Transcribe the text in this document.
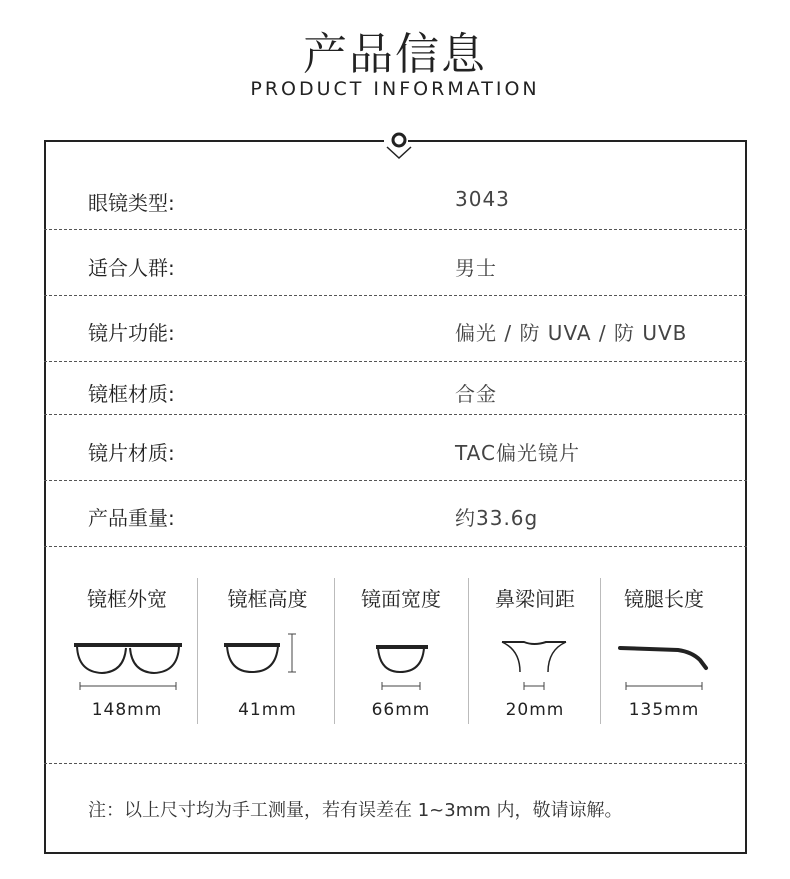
产品信息
PRODUCT INFORMATION
眼镜类型:	3043
适合人群:	男士
镜片功能:	偏光 / 防 UVA / 防 UVB
镜框材质:	合金
镜片材质:	TAC偏光镜片
产品重量:	约33.6g
镜框外宽
148mm
镜框高度
41mm
镜面宽度
66mm
鼻梁间距
20mm
镜腿长度
135mm
注：以上尺寸均为手工测量，若有误差在 1~3mm 内，敬请谅解。
